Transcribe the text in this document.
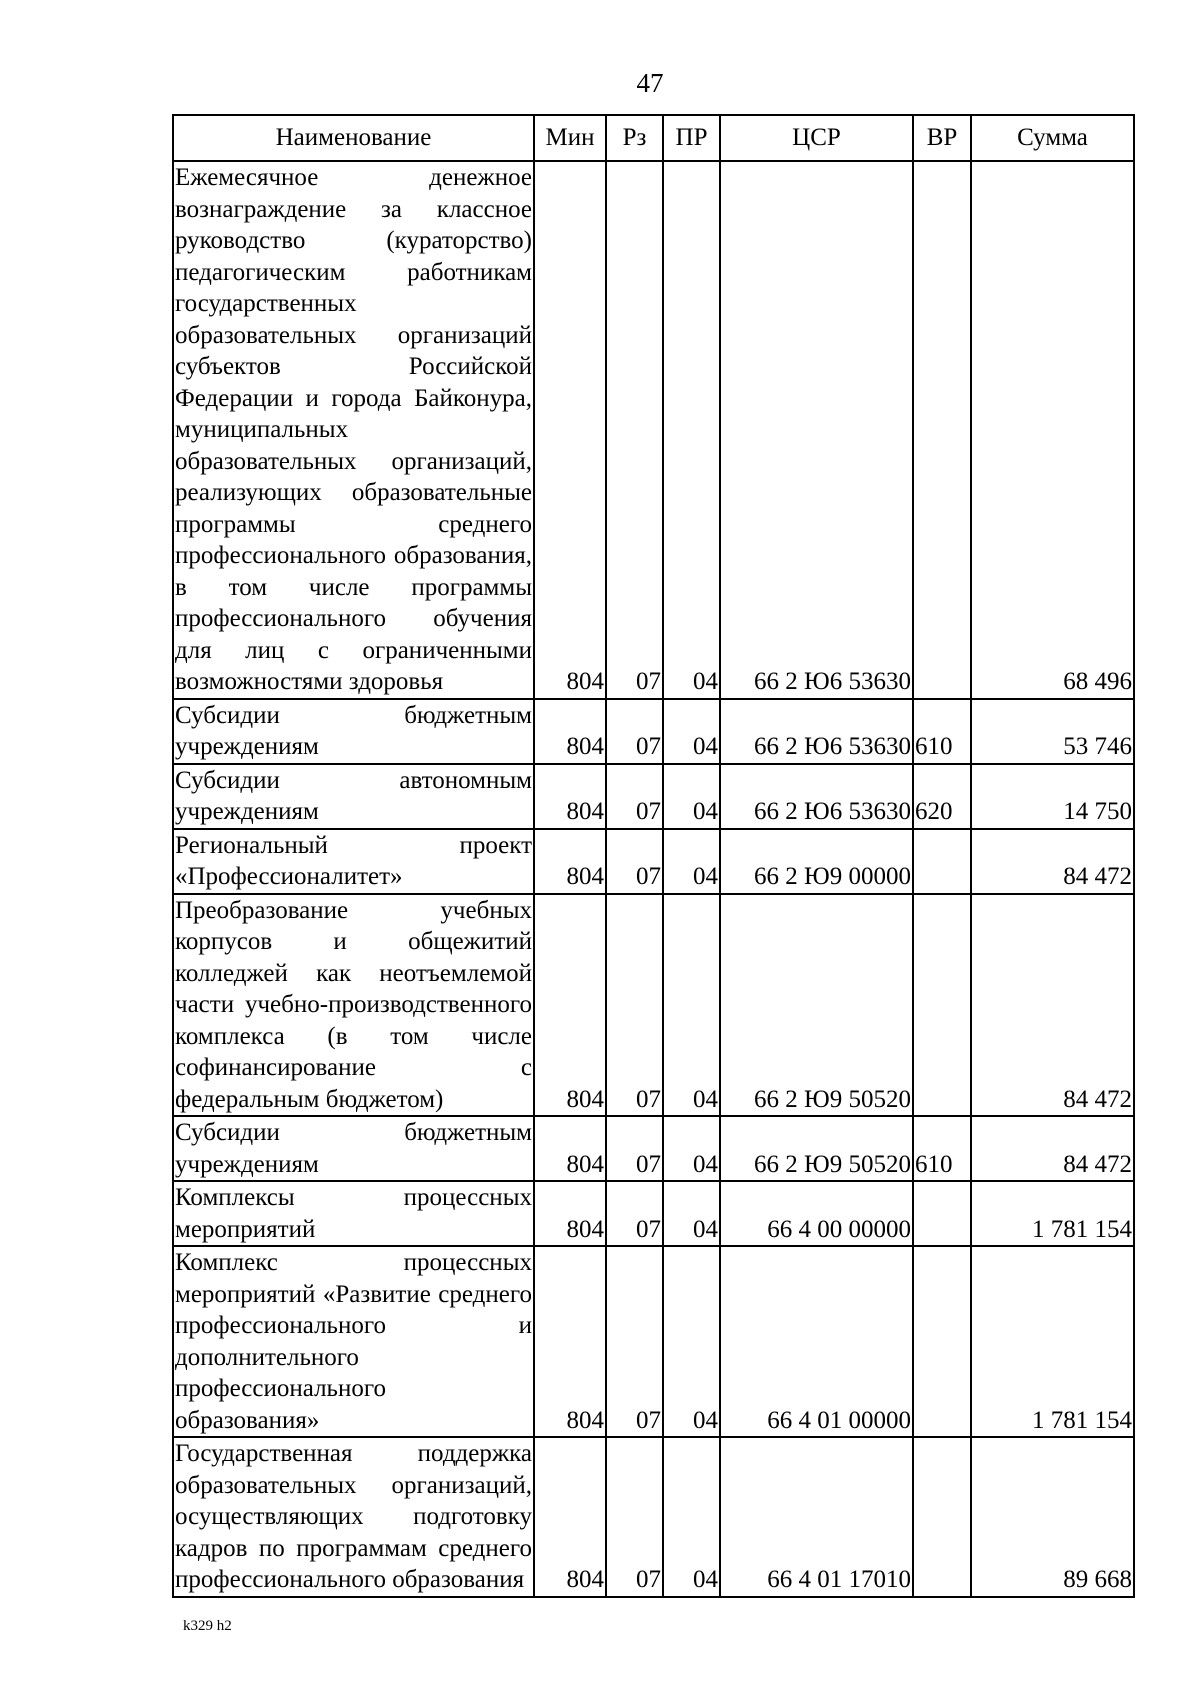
47
Наименование	Мин	Рз	ПР	ЦСР	ВР	Сумма
Ежемесячное денежное вознаграждение за классное руководство (кураторство) педагогическим работникам государственных образовательных организаций субъектов Российской Федерации и города Байконура, муниципальных образовательных организаций, реализующих образовательные программы среднего профессионального образования, в том числе программы профессионального обучения для лиц с ограниченными возможностями здоровья	804	07	04	66 2 Ю6 53630		68 496
Субсидии бюджетным учреждениям	804	07	04	66 2 Ю6 53630	610	53 746
Субсидии автономным учреждениям	804	07	04	66 2 Ю6 53630	620	14 750
Региональный проект «Профессионалитет»	804	07	04	66 2 Ю9 00000		84 472
Преобразование учебных корпусов и общежитий колледжей как неотъемлемой части учебно-производственного комплекса (в том числе софинансирование с федеральным бюджетом)	804	07	04	66 2 Ю9 50520		84 472
Субсидии бюджетным учреждениям	804	07	04	66 2 Ю9 50520	610	84 472
Комплексы процессных мероприятий	804	07	04	66 4 00 00000		1 781 154
Комплекс процессных мероприятий «Развитие среднего профессионального и дополнительного профессионального образования»	804	07	04	66 4 01 00000		1 781 154
Государственная поддержка образовательных организаций, осуществляющих подготовку кадров по программам среднего профессионального образования	804	07	04	66 4 01 17010		89 668
k329 h2
